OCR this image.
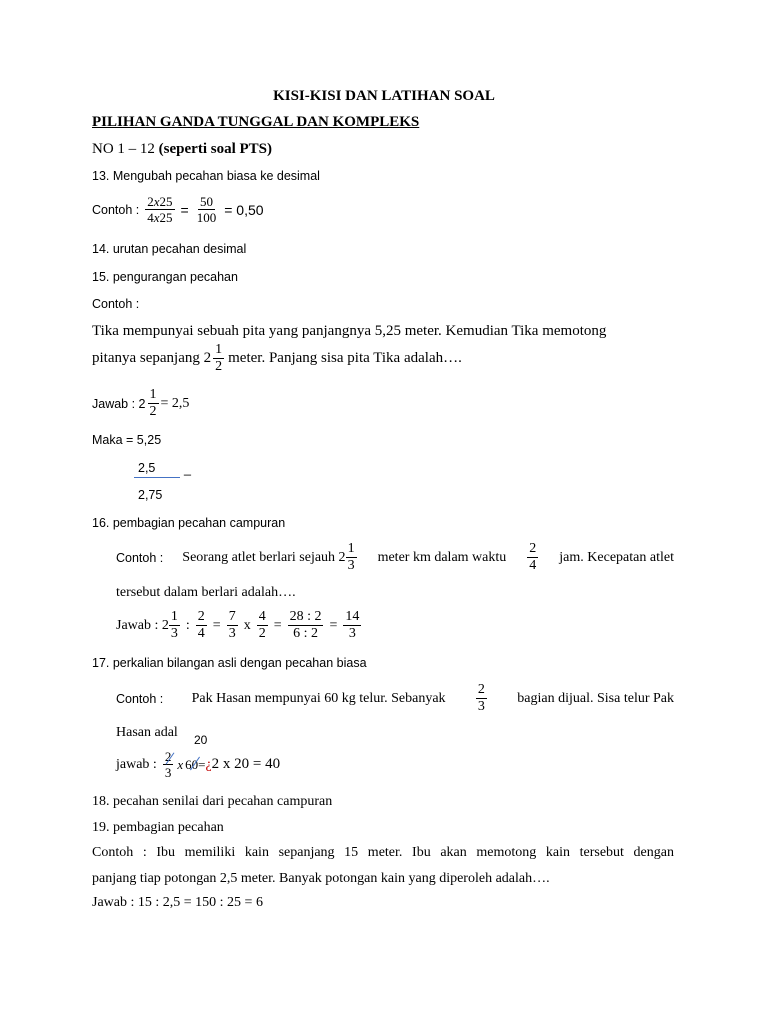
KISI-KISI DAN LATIHAN SOAL
PILIHAN GANDA TUNGGAL DAN KOMPLEKS
NO 1 – 12 (seperti soal PTS)
13. Mengubah pecahan biasa ke desimal
Contoh : $\frac{2x25}{4x25} = \frac{50}{100} = 0,50$
14. urutan pecahan desimal
15. pengurangan pecahan
Contoh :
Tika mempunyai sebuah pita yang panjangnya 5,25 meter. Kemudian Tika memotong
pitanya sepanjang $2 \frac{1}{2}$ meter. Panjang sisa pita Tika adalah….
Jawab : $2 \frac{1}{2} = 2,5$
Maka = 5,25
2,5 _
2,75
16. pembagian pecahan campuran
Contoh : Seorang atlet berlari sejauh $2 \frac{1}{3}$ meter km dalam waktu $\frac{2}{4}$ jam. Kecepatan atlet
tersebut dalam berlari adalah….
Jawab : $2 \frac{1}{3}$ : $\frac{2}{4} = \frac{7}{3}$ x $\frac{4}{2} = \frac{28 : 2}{6 : 2} = \frac{14}{3}$
17. perkalian bilangan asli dengan pecahan biasa
Contoh : Pak Hasan mempunyai 60 kg telur. Sebanyak $\frac{2}{3}$ bagian dijual. Sisa telur Pak
Hasan adal 20
jawab : $\frac{2}{3}$ x 60 = ¿ 2 x 20 = 40
18. pecahan senilai dari pecahan campuran
19. pembagian pecahan
Contoh : Ibu memiliki kain sepanjang 15 meter. Ibu akan memotong kain tersebut dengan
panjang tiap potongan 2,5 meter. Banyak potongan kain yang diperoleh adalah….
Jawab : 15 : 2,5 = 150 : 25 = 6
